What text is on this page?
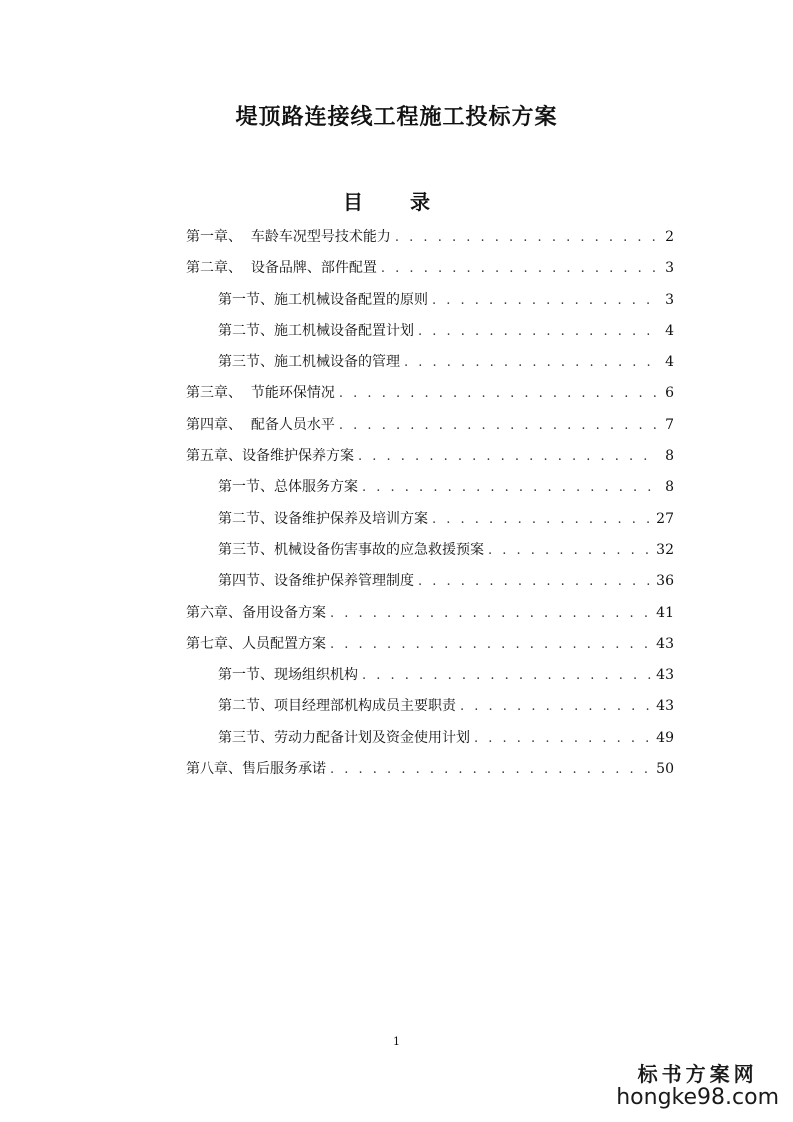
堤顶路连接线工程施工投标方案
目 录
第一章、  车龄车况型号技术能力 . . .	2
第二章、  设备品牌、部件配置 . . .	3
第一节、施工机械设备配置的原则 . . .	3
第二节、施工机械设备配置计划 . . .	4
第三节、施工机械设备的管理 . . .	4
第三章、  节能环保情况 . . .	6
第四章、  配备人员水平 . . .	7
第五章、设备维护保养方案 . . .	8
第一节、总体服务方案 . . .	8
第二节、设备维护保养及培训方案 . . .	27
第三节、机械设备伤害事故的应急救援预案 . . .	32
第四节、设备维护保养管理制度 . . .	36
第六章、备用设备方案 . . .	41
第七章、人员配置方案 . . .	43
第一节、现场组织机构 . . .	43
第二节、项目经理部机构成员主要职责 . . .	43
第三节、劳动力配备计划及资金使用计划 . . .	49
第八章、售后服务承诺 . . .	50
1
标书方案网
hongke98.com
